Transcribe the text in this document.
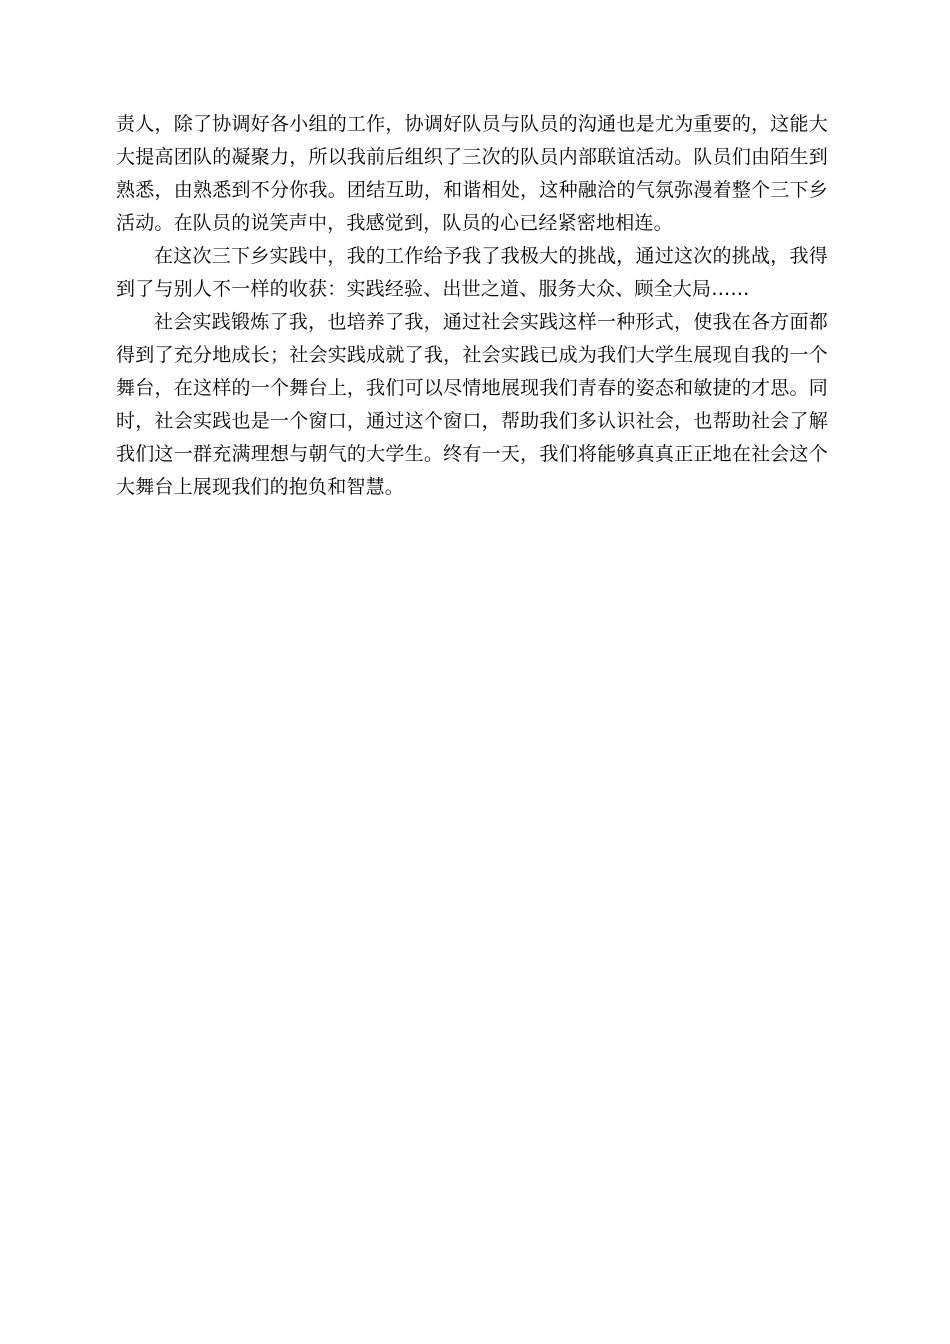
责人，除了协调好各小组的工作，协调好队员与队员的沟通也是尤为重要的，这能大大提高团队的凝聚力，所以我前后组织了三次的队员内部联谊活动。队员们由陌生到熟悉，由熟悉到不分你我。团结互助，和谐相处，这种融洽的气氛弥漫着整个三下乡活动。在队员的说笑声中，我感觉到，队员的心已经紧密地相连。

在这次三下乡实践中，我的工作给予我了我极大的挑战，通过这次的挑战，我得到了与别人不一样的收获：实践经验、出世之道、服务大众、顾全大局……

社会实践锻炼了我，也培养了我，通过社会实践这样一种形式，使我在各方面都得到了充分地成长；社会实践成就了我，社会实践已成为我们大学生展现自我的一个舞台，在这样的一个舞台上，我们可以尽情地展现我们青春的姿态和敏捷的才思。同时，社会实践也是一个窗口，通过这个窗口，帮助我们多认识社会，也帮助社会了解我们这一群充满理想与朝气的大学生。终有一天，我们将能够真真正正地在社会这个大舞台上展现我们的抱负和智慧。
